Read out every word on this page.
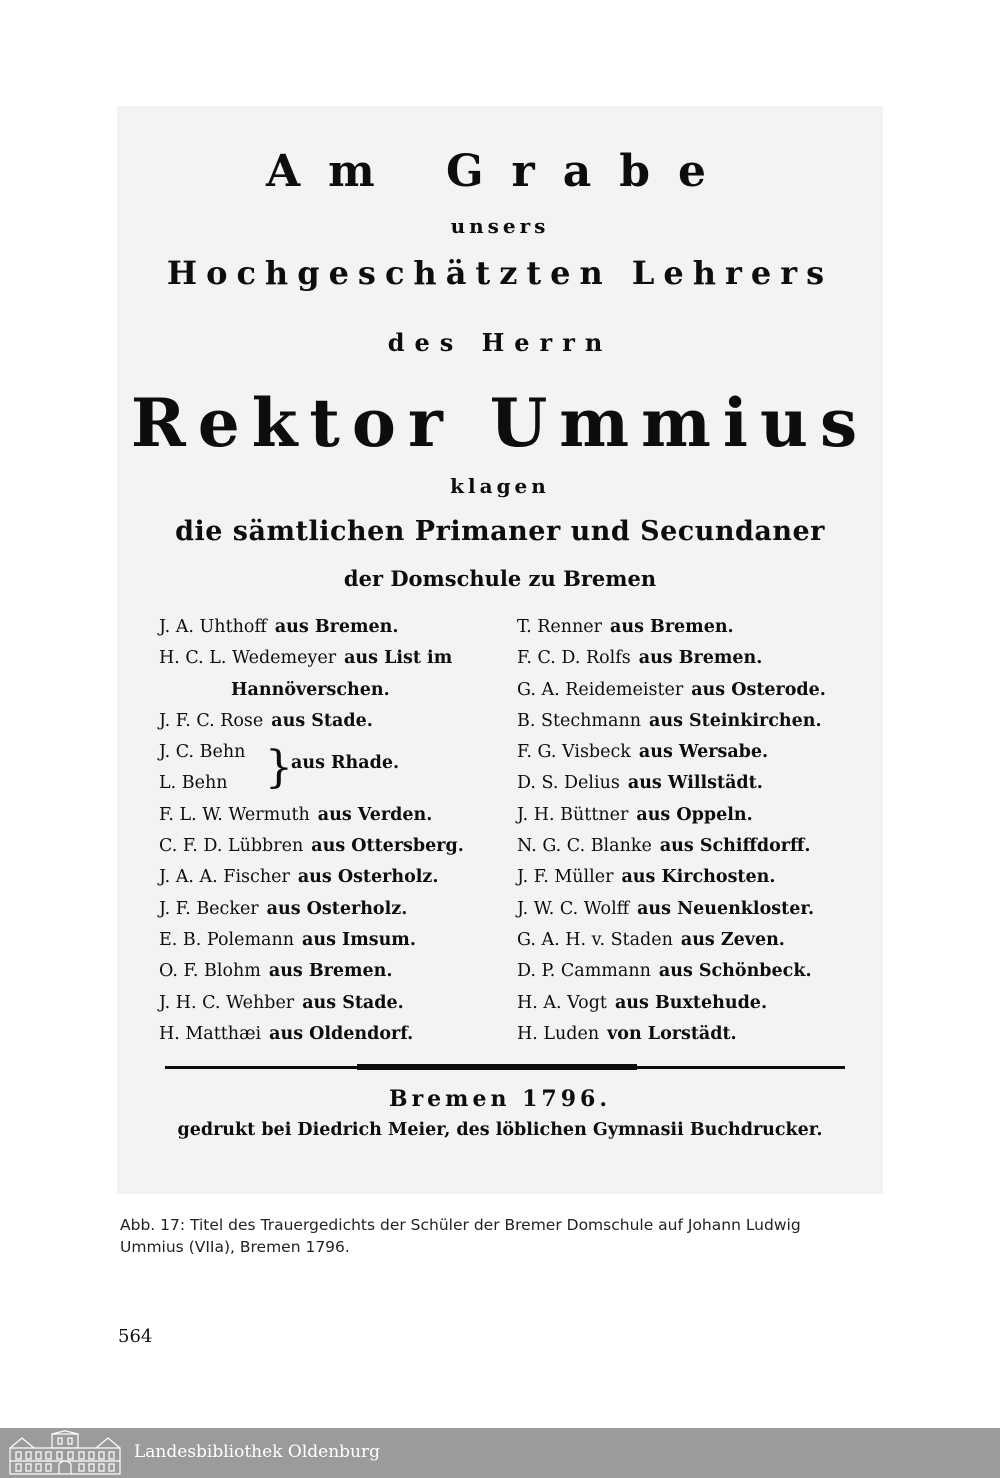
Am Grabe
unsers
Hochgeschätzten Lehrers
des Herrn
Rektor Ummius
klagen
die sämtlichen Primaner und Secundaner
der Domschule zu Bremen
J. A. Uhthoff aus Bremen.
H. C. L. Wedemeyer aus List im
Hannöverschen.
J. F. C. Rose aus Stade.
J. C. Behn
L. Behn }
aus Rhade.
F. L. W. Wermuth aus Verden.
C. F. D. Lübbren aus Ottersberg.
J. A. A. Fischer aus Osterholz.
J. F. Becker aus Osterholz.
E. B. Polemann aus Imsum.
O. F. Blohm aus Bremen.
J. H. C. Wehber aus Stade.
H. Matthæi aus Oldendorf.
T. Renner aus Bremen.
F. C. D. Rolfs aus Bremen.
G. A. Reidemeister aus Osterode.
B. Stechmann aus Steinkirchen.
F. G. Visbeck aus Wersabe.
D. S. Delius aus Willstädt.
J. H. Büttner aus Oppeln.
N. G. C. Blanke aus Schiffdorff.
J. F. Müller aus Kirchosten.
J. W. C. Wolff aus Neuenkloster.
G. A. H. v. Staden aus Zeven.
D. P. Cammann aus Schönbeck.
H. A. Vogt aus Buxtehude.
H. Luden von Lorstädt.
Bremen 1796.
gedrukt bei Diedrich Meier, des löblichen Gymnasii Buchdrucker.
Abb. 17: Titel des Trauergedichts der Schüler der Bremer Domschule auf Johann Ludwig
Ummius (VIIa), Bremen 1796.
564
Landesbibliothek Oldenburg
